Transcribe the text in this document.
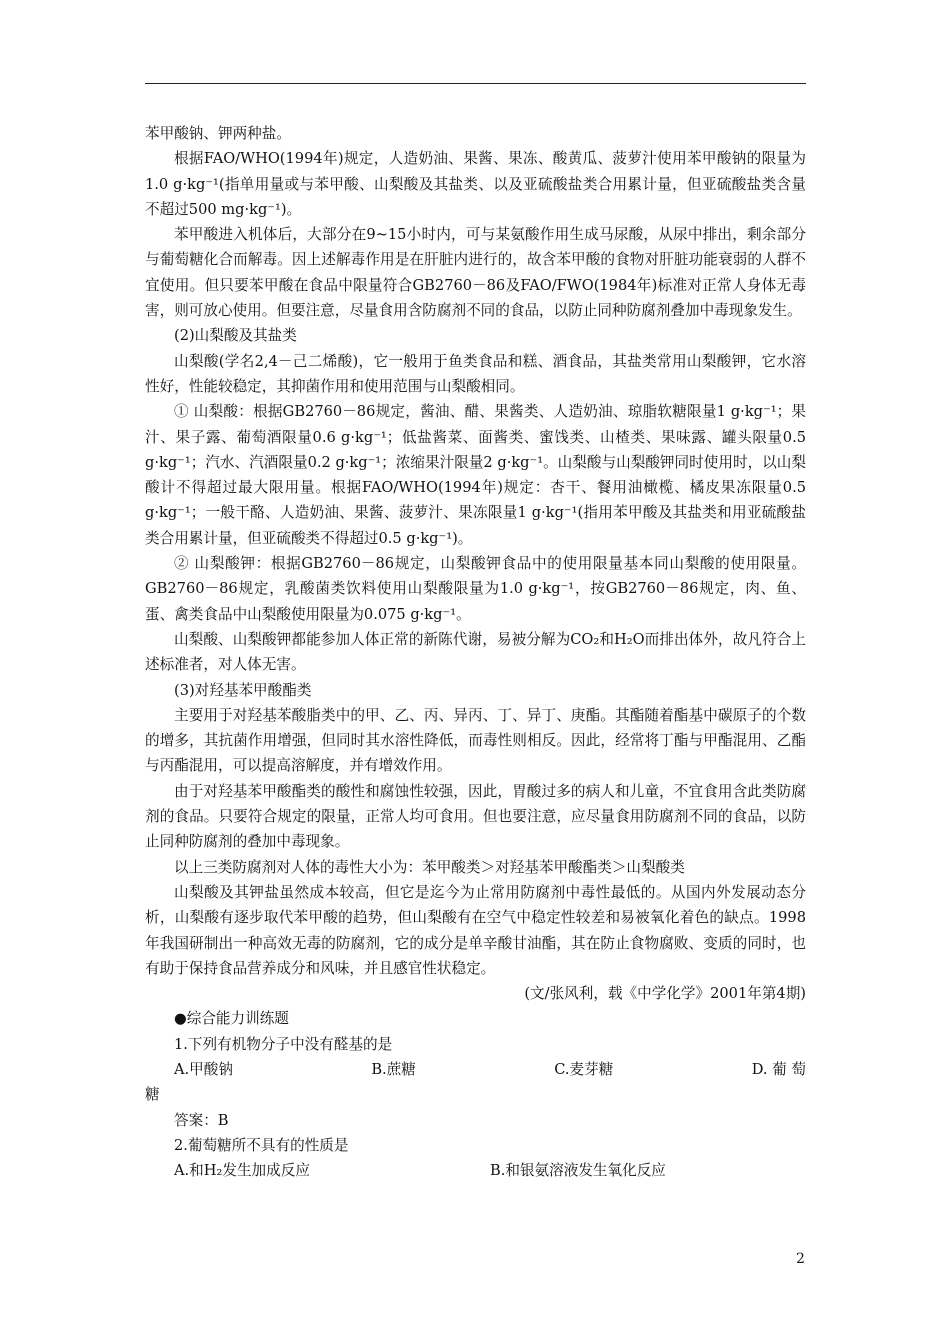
苯甲酸钠、钾两种盐。

根据FAO/WHO(1994年)规定，人造奶油、果酱、果冻、酸黄瓜、菠萝汁使用苯甲酸钠的限量为1.0 g·kg⁻¹(指单用量或与苯甲酸、山梨酸及其盐类、以及亚硫酸盐类合用累计量，但亚硫酸盐类含量不超过500 mg·kg⁻¹)。

苯甲酸进入机体后，大部分在9~15小时内，可与某氨酸作用生成马尿酸，从尿中排出，剩余部分与葡萄糖化合而解毒。因上述解毒作用是在肝脏内进行的，故含苯甲酸的食物对肝脏功能衰弱的人群不宜使用。但只要苯甲酸在食品中限量符合GB2760－86及FAO/FWO(1984年)标准对正常人身体无毒害，则可放心使用。但要注意，尽量食用含防腐剂不同的食品，以防止同种防腐剂叠加中毒现象发生。

(2)山梨酸及其盐类

山梨酸(学名2,4－己二烯酸)，它一般用于鱼类食品和糕、酒食品，其盐类常用山梨酸钾，它水溶性好，性能较稳定，其抑菌作用和使用范围与山梨酸相同。

① 山梨酸：根据GB2760－86规定，酱油、醋、果酱类、人造奶油、琼脂软糖限量1 g·kg⁻¹；果汁、果子露、葡萄酒限量0.6 g·kg⁻¹；低盐酱菜、面酱类、蜜饯类、山楂类、果味露、罐头限量0.5 g·kg⁻¹；汽水、汽酒限量0.2 g·kg⁻¹；浓缩果汁限量2 g·kg⁻¹。山梨酸与山梨酸钾同时使用时，以山梨酸计不得超过最大限用量。根据FAO/WHO(1994年)规定：杏干、餐用油橄榄、橘皮果冻限量0.5 g·kg⁻¹；一般干酪、人造奶油、果酱、菠萝汁、果冻限量1 g·kg⁻¹(指用苯甲酸及其盐类和用亚硫酸盐类合用累计量，但亚硫酸类不得超过0.5 g·kg⁻¹)。

② 山梨酸钾：根据GB2760－86规定，山梨酸钾食品中的使用限量基本同山梨酸的使用限量。GB2760－86规定，乳酸菌类饮料使用山梨酸限量为1.0 g·kg⁻¹，按GB2760－86规定，肉、鱼、蛋、禽类食品中山梨酸使用限量为0.075 g·kg⁻¹。

山梨酸、山梨酸钾都能参加人体正常的新陈代谢，易被分解为CO₂和H₂O而排出体外，故凡符合上述标准者，对人体无害。

(3)对羟基苯甲酸酯类

主要用于对羟基苯酸脂类中的甲、乙、丙、异丙、丁、异丁、庚酯。其酯随着酯基中碳原子的个数的增多，其抗菌作用增强，但同时其水溶性降低，而毒性则相反。因此，经常将丁酯与甲酯混用、乙酯与丙酯混用，可以提高溶解度，并有增效作用。

由于对羟基苯甲酸酯类的酸性和腐蚀性较强，因此，胃酸过多的病人和儿童，不宜食用含此类防腐剂的食品。只要符合规定的限量，正常人均可食用。但也要注意，应尽量食用防腐剂不同的食品，以防止同种防腐剂的叠加中毒现象。

以上三类防腐剂对人体的毒性大小为：苯甲酸类＞对羟基苯甲酸酯类＞山梨酸类

山梨酸及其钾盐虽然成本较高，但它是迄今为止常用防腐剂中毒性最低的。从国内外发展动态分析，山梨酸有逐步取代苯甲酸的趋势，但山梨酸有在空气中稳定性较差和易被氧化着色的缺点。1998年我国研制出一种高效无毒的防腐剂，它的成分是单辛酸甘油酯，其在防止食物腐败、变质的同时，也有助于保持食品营养成分和风味，并且感官性状稳定。

(文/张风利，载《中学化学》2001年第4期)

●综合能力训练题

1.下列有机物分子中没有醛基的是

A.甲酸钠	B.蔗糖	C.麦芽糖	D. 葡 萄

糖

答案：B

2.葡萄糖所不具有的性质是

A.和H₂发生加成反应	B.和银氨溶液发生氧化反应
2
